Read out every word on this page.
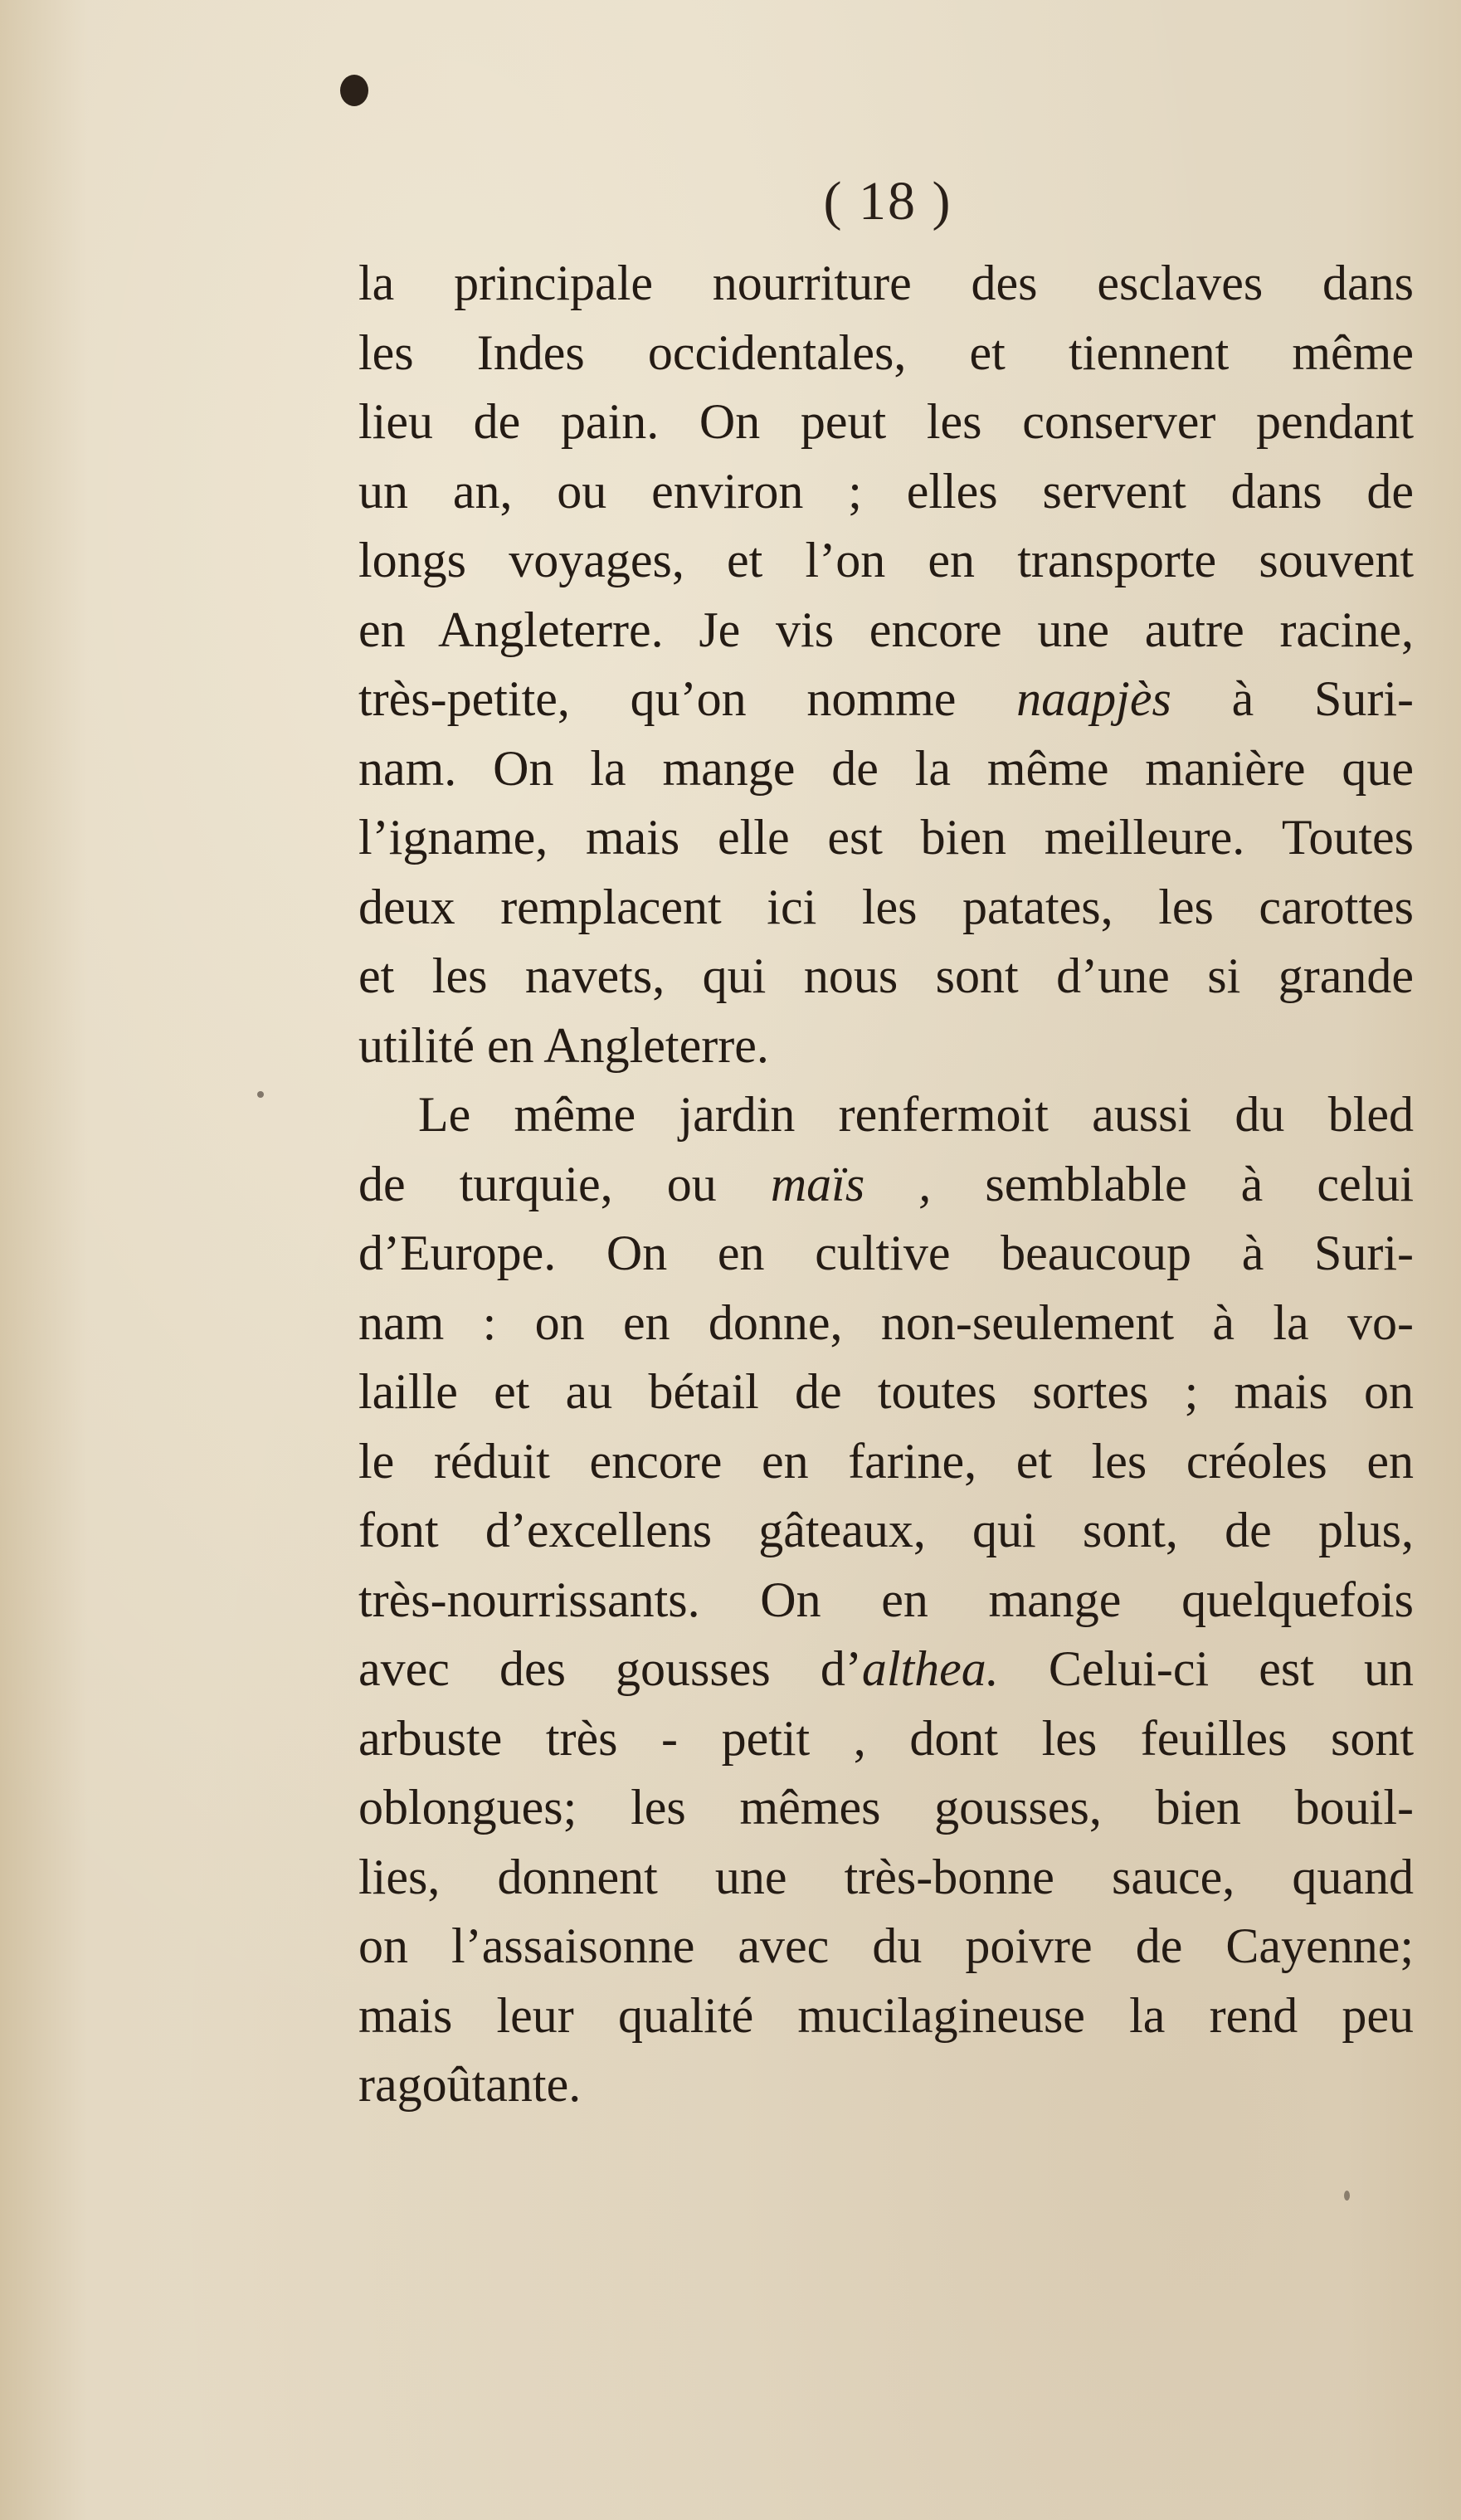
( 18 )
la principale nourriture des esclaves dans
les Indes occidentales, et tiennent même
lieu de pain. On peut les conserver pendant
un an, ou environ ; elles servent dans de
longs voyages, et l’on en transporte souvent
en Angleterre. Je vis encore une autre racine,
très-petite, qu’on nomme naapjès à Suri-
nam. On la mange de la même manière que
l’igname, mais elle est bien meilleure. Toutes
deux remplacent ici les patates, les carottes
et les navets, qui nous sont d’une si grande
utilité en Angleterre.
Le même jardin renfermoit aussi du bled
de turquie, ou maïs , semblable à celui
d’Europe. On en cultive beaucoup à Suri-
nam : on en donne, non-seulement à la vo-
laille et au bétail de toutes sortes ; mais on
le réduit encore en farine, et les créoles en
font d’excellens gâteaux, qui sont, de plus,
très-nourrissants. On en mange quelquefois
avec des gousses d’althea. Celui-ci est un
arbuste très - petit , dont les feuilles sont
oblongues; les mêmes gousses, bien bouil-
lies, donnent une très-bonne sauce, quand
on l’assaisonne avec du poivre de Cayenne;
mais leur qualité mucilagineuse la rend peu
ragoûtante.
